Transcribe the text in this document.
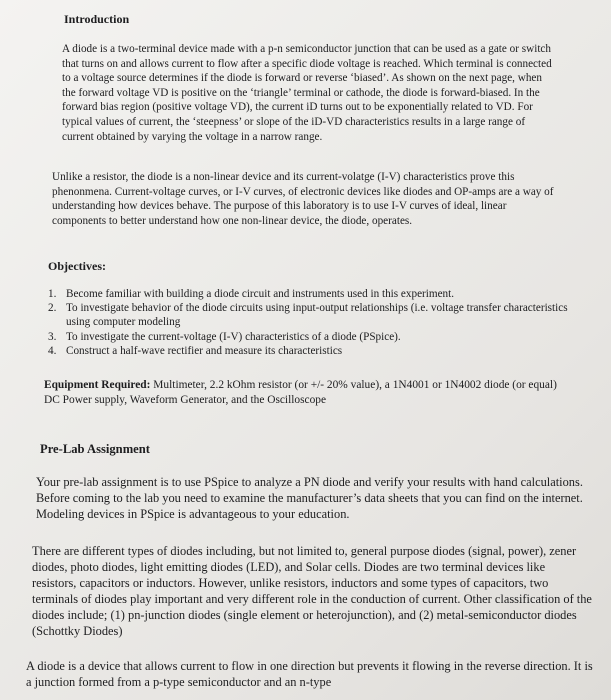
Introduction

A diode is a two-terminal device made with a p-n semiconductor junction that can be used as a gate or switch that turns on and allows current to flow after a specific diode voltage is reached. Which terminal is connected to a voltage source determines if the diode is forward or reverse ‘biased’. As shown on the next page, when the forward voltage VD is positive on the ‘triangle’ terminal or cathode, the diode is forward-biased. In the forward bias region (positive voltage VD), the current iD turns out to be exponentially related to VD. For typical values of current, the ‘steepness’ or slope of the iD-VD characteristics results in a large range of current obtained by varying the voltage in a narrow range.

Unlike a resistor, the diode is a non-linear device and its current-volatge (I-V) characteristics prove this phenonmena. Current-voltage curves, or I-V curves, of electronic devices like diodes and OP-amps are a way of understanding how devices behave. The purpose of this laboratory is to use I-V curves of ideal, linear components to better understand how one non-linear device, the diode, operates.

Objectives:
1. Become familiar with building a diode circuit and instruments used in this experiment.
2. To investigate behavior of the diode circuits using input-output relationships (i.e. voltage transfer characteristics using computer modeling
3. To investigate the current-voltage (I-V) characteristics of a diode (PSpice).
4. Construct a half-wave rectifier and measure its characteristics

Equipment Required: Multimeter, 2.2 kOhm resistor (or +/- 20% value), a 1N4001 or 1N4002 diode (or equal) DC Power supply, Waveform Generator, and the Oscilloscope

Pre-Lab Assignment

Your pre-lab assignment is to use PSpice to analyze a PN diode and verify your results with hand calculations. Before coming to the lab you need to examine the manufacturer’s data sheets that you can find on the internet. Modeling devices in PSpice is advantageous to your education.

There are different types of diodes including, but not limited to, general purpose diodes (signal, power), zener diodes, photo diodes, light emitting diodes (LED), and Solar cells. Diodes are two terminal devices like resistors, capacitors or inductors. However, unlike resistors, inductors and some types of capacitors, two terminals of diodes play important and very different role in the conduction of current. Other classification of the diodes include; (1) pn-junction diodes (single element or heterojunction), and (2) metal-semiconductor diodes (Schottky Diodes)

A diode is a device that allows current to flow in one direction but prevents it flowing in the reverse direction. It is a junction formed from a p-type semiconductor and an n-type
